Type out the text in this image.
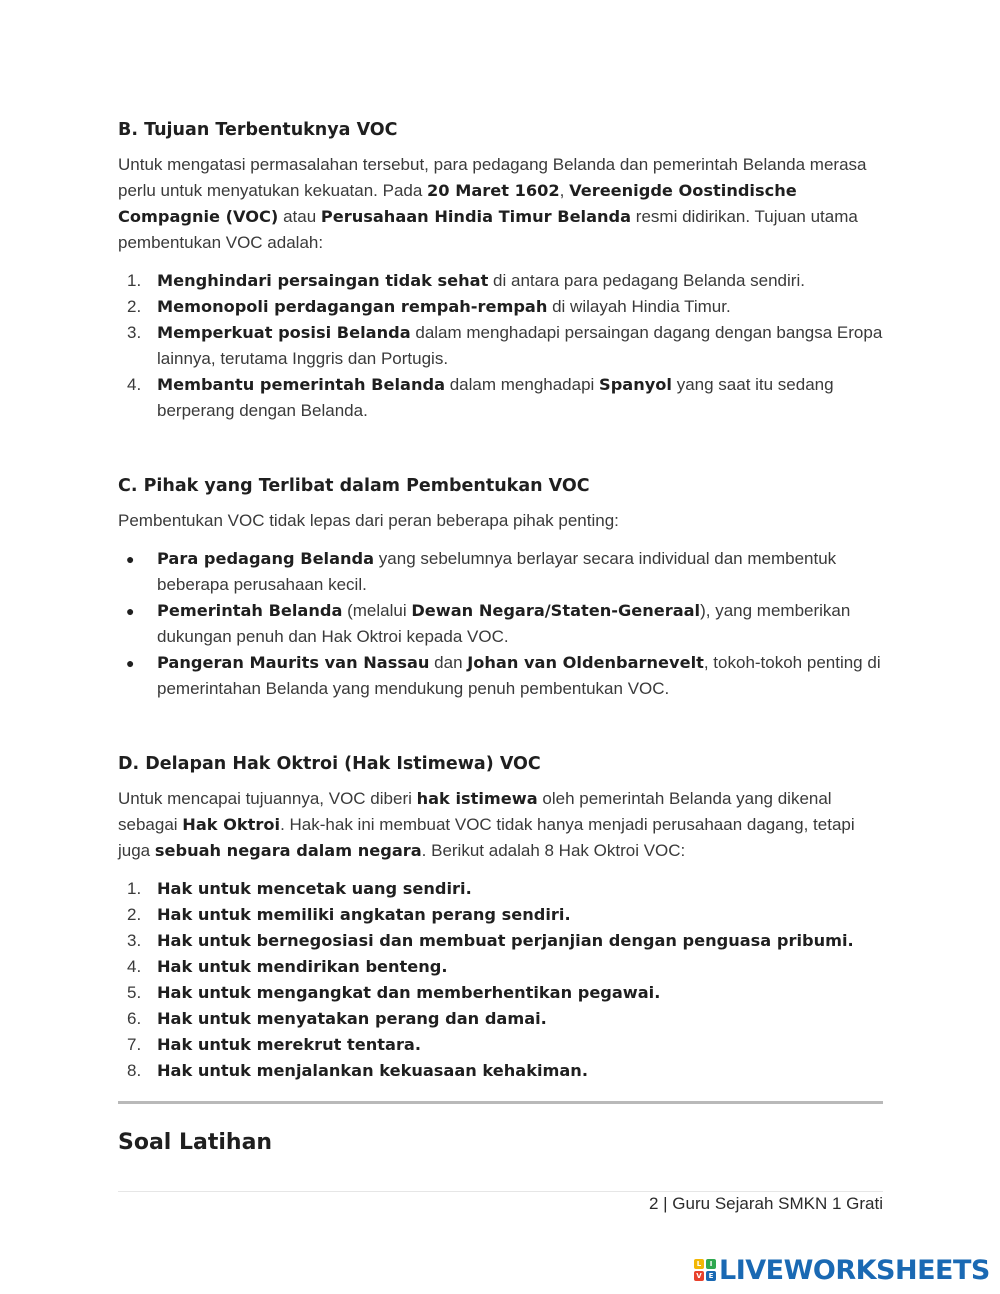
B. Tujuan Terbentuknya VOC

Untuk mengatasi permasalahan tersebut, para pedagang Belanda dan pemerintah Belanda merasa perlu untuk menyatukan kekuatan. Pada 20 Maret 1602, Vereenigde Oostindische Compagnie (VOC) atau Perusahaan Hindia Timur Belanda resmi didirikan. Tujuan utama pembentukan VOC adalah:

1. Menghindari persaingan tidak sehat di antara para pedagang Belanda sendiri.
2. Memonopoli perdagangan rempah-rempah di wilayah Hindia Timur.
3. Memperkuat posisi Belanda dalam menghadapi persaingan dagang dengan bangsa Eropa lainnya, terutama Inggris dan Portugis.
4. Membantu pemerintah Belanda dalam menghadapi Spanyol yang saat itu sedang berperang dengan Belanda.
C. Pihak yang Terlibat dalam Pembentukan VOC

Pembentukan VOC tidak lepas dari peran beberapa pihak penting:

● Para pedagang Belanda yang sebelumnya berlayar secara individual dan membentuk beberapa perusahaan kecil.
● Pemerintah Belanda (melalui Dewan Negara/Staten-Generaal), yang memberikan dukungan penuh dan Hak Oktroi kepada VOC.
● Pangeran Maurits van Nassau dan Johan van Oldenbarnevelt, tokoh-tokoh penting di pemerintahan Belanda yang mendukung penuh pembentukan VOC.
D. Delapan Hak Oktroi (Hak Istimewa) VOC

Untuk mencapai tujuannya, VOC diberi hak istimewa oleh pemerintah Belanda yang dikenal sebagai Hak Oktroi. Hak-hak ini membuat VOC tidak hanya menjadi perusahaan dagang, tetapi juga sebuah negara dalam negara. Berikut adalah 8 Hak Oktroi VOC:

1. Hak untuk mencetak uang sendiri.
2. Hak untuk memiliki angkatan perang sendiri.
3. Hak untuk bernegosiasi dan membuat perjanjian dengan penguasa pribumi.
4. Hak untuk mendirikan benteng.
5. Hak untuk mengangkat dan memberhentikan pegawai.
6. Hak untuk menyatakan perang dan damai.
7. Hak untuk merekrut tentara.
8. Hak untuk menjalankan kekuasaan kehakiman.
Soal Latihan
2 | Guru Sejarah SMKN 1 Grati
L	I
V E LIVEWORKSHEETS
